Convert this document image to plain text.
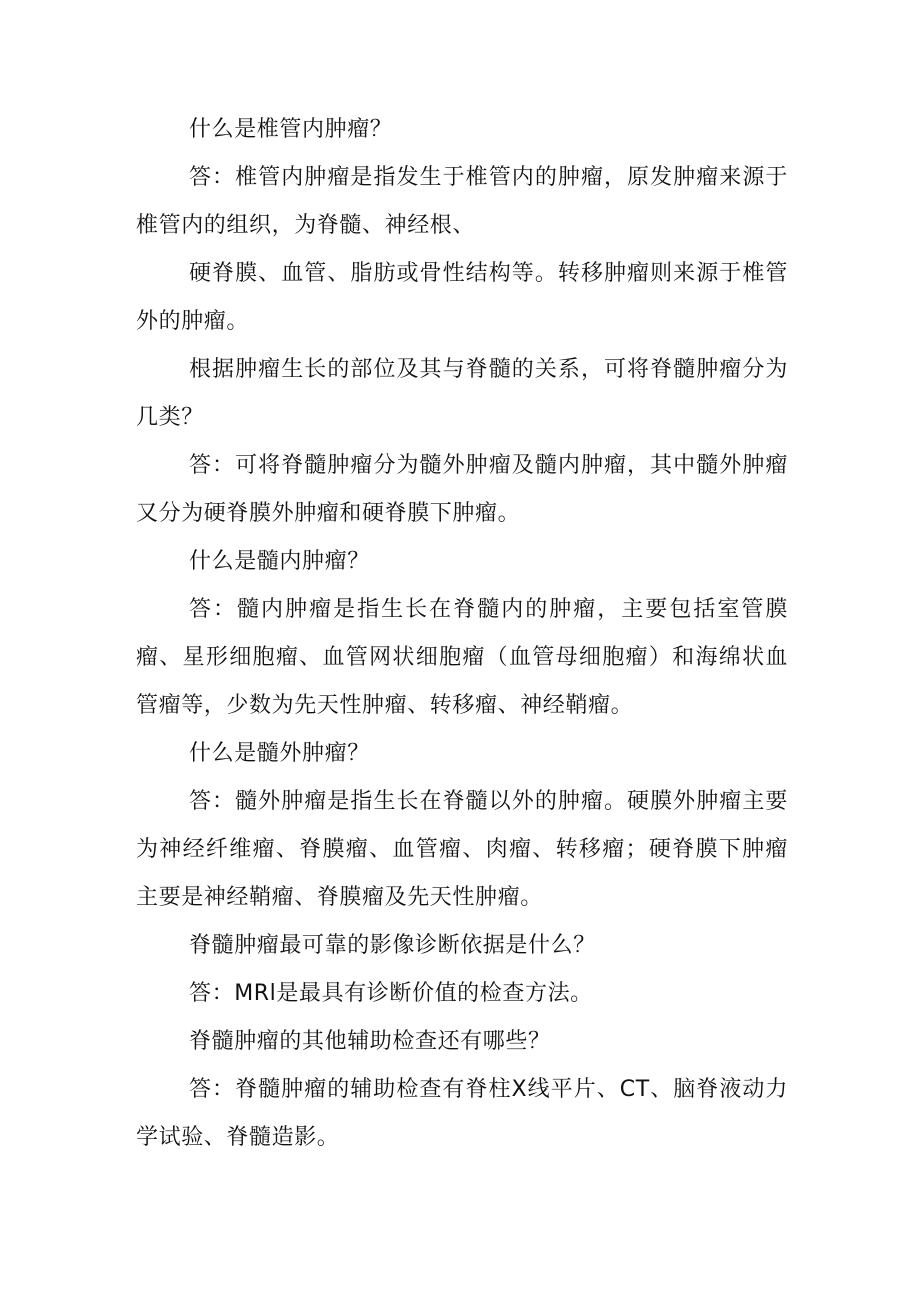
什么是椎管内肿瘤？

答：椎管内肿瘤是指发生于椎管内的肿瘤，原发肿瘤来源于椎管内的组织，为脊髓、神经根、

硬脊膜、血管、脂肪或骨性结构等。转移肿瘤则来源于椎管外的肿瘤。

根据肿瘤生长的部位及其与脊髓的关系，可将脊髓肿瘤分为几类？

答：可将脊髓肿瘤分为髓外肿瘤及髓内肿瘤，其中髓外肿瘤又分为硬脊膜外肿瘤和硬脊膜下肿瘤。

什么是髓内肿瘤？

答：髓内肿瘤是指生长在脊髓内的肿瘤，主要包括室管膜瘤、星形细胞瘤、血管网状细胞瘤（血管母细胞瘤）和海绵状血管瘤等，少数为先天性肿瘤、转移瘤、神经鞘瘤。

什么是髓外肿瘤？

答：髓外肿瘤是指生长在脊髓以外的肿瘤。硬膜外肿瘤主要为神经纤维瘤、脊膜瘤、血管瘤、肉瘤、转移瘤；硬脊膜下肿瘤主要是神经鞘瘤、脊膜瘤及先天性肿瘤。

脊髓肿瘤最可靠的影像诊断依据是什么？

答：MRl是最具有诊断价值的检查方法。

脊髓肿瘤的其他辅助检查还有哪些？

答：脊髓肿瘤的辅助检查有脊柱X线平片、CT、脑脊液动力学试验、脊髓造影。
